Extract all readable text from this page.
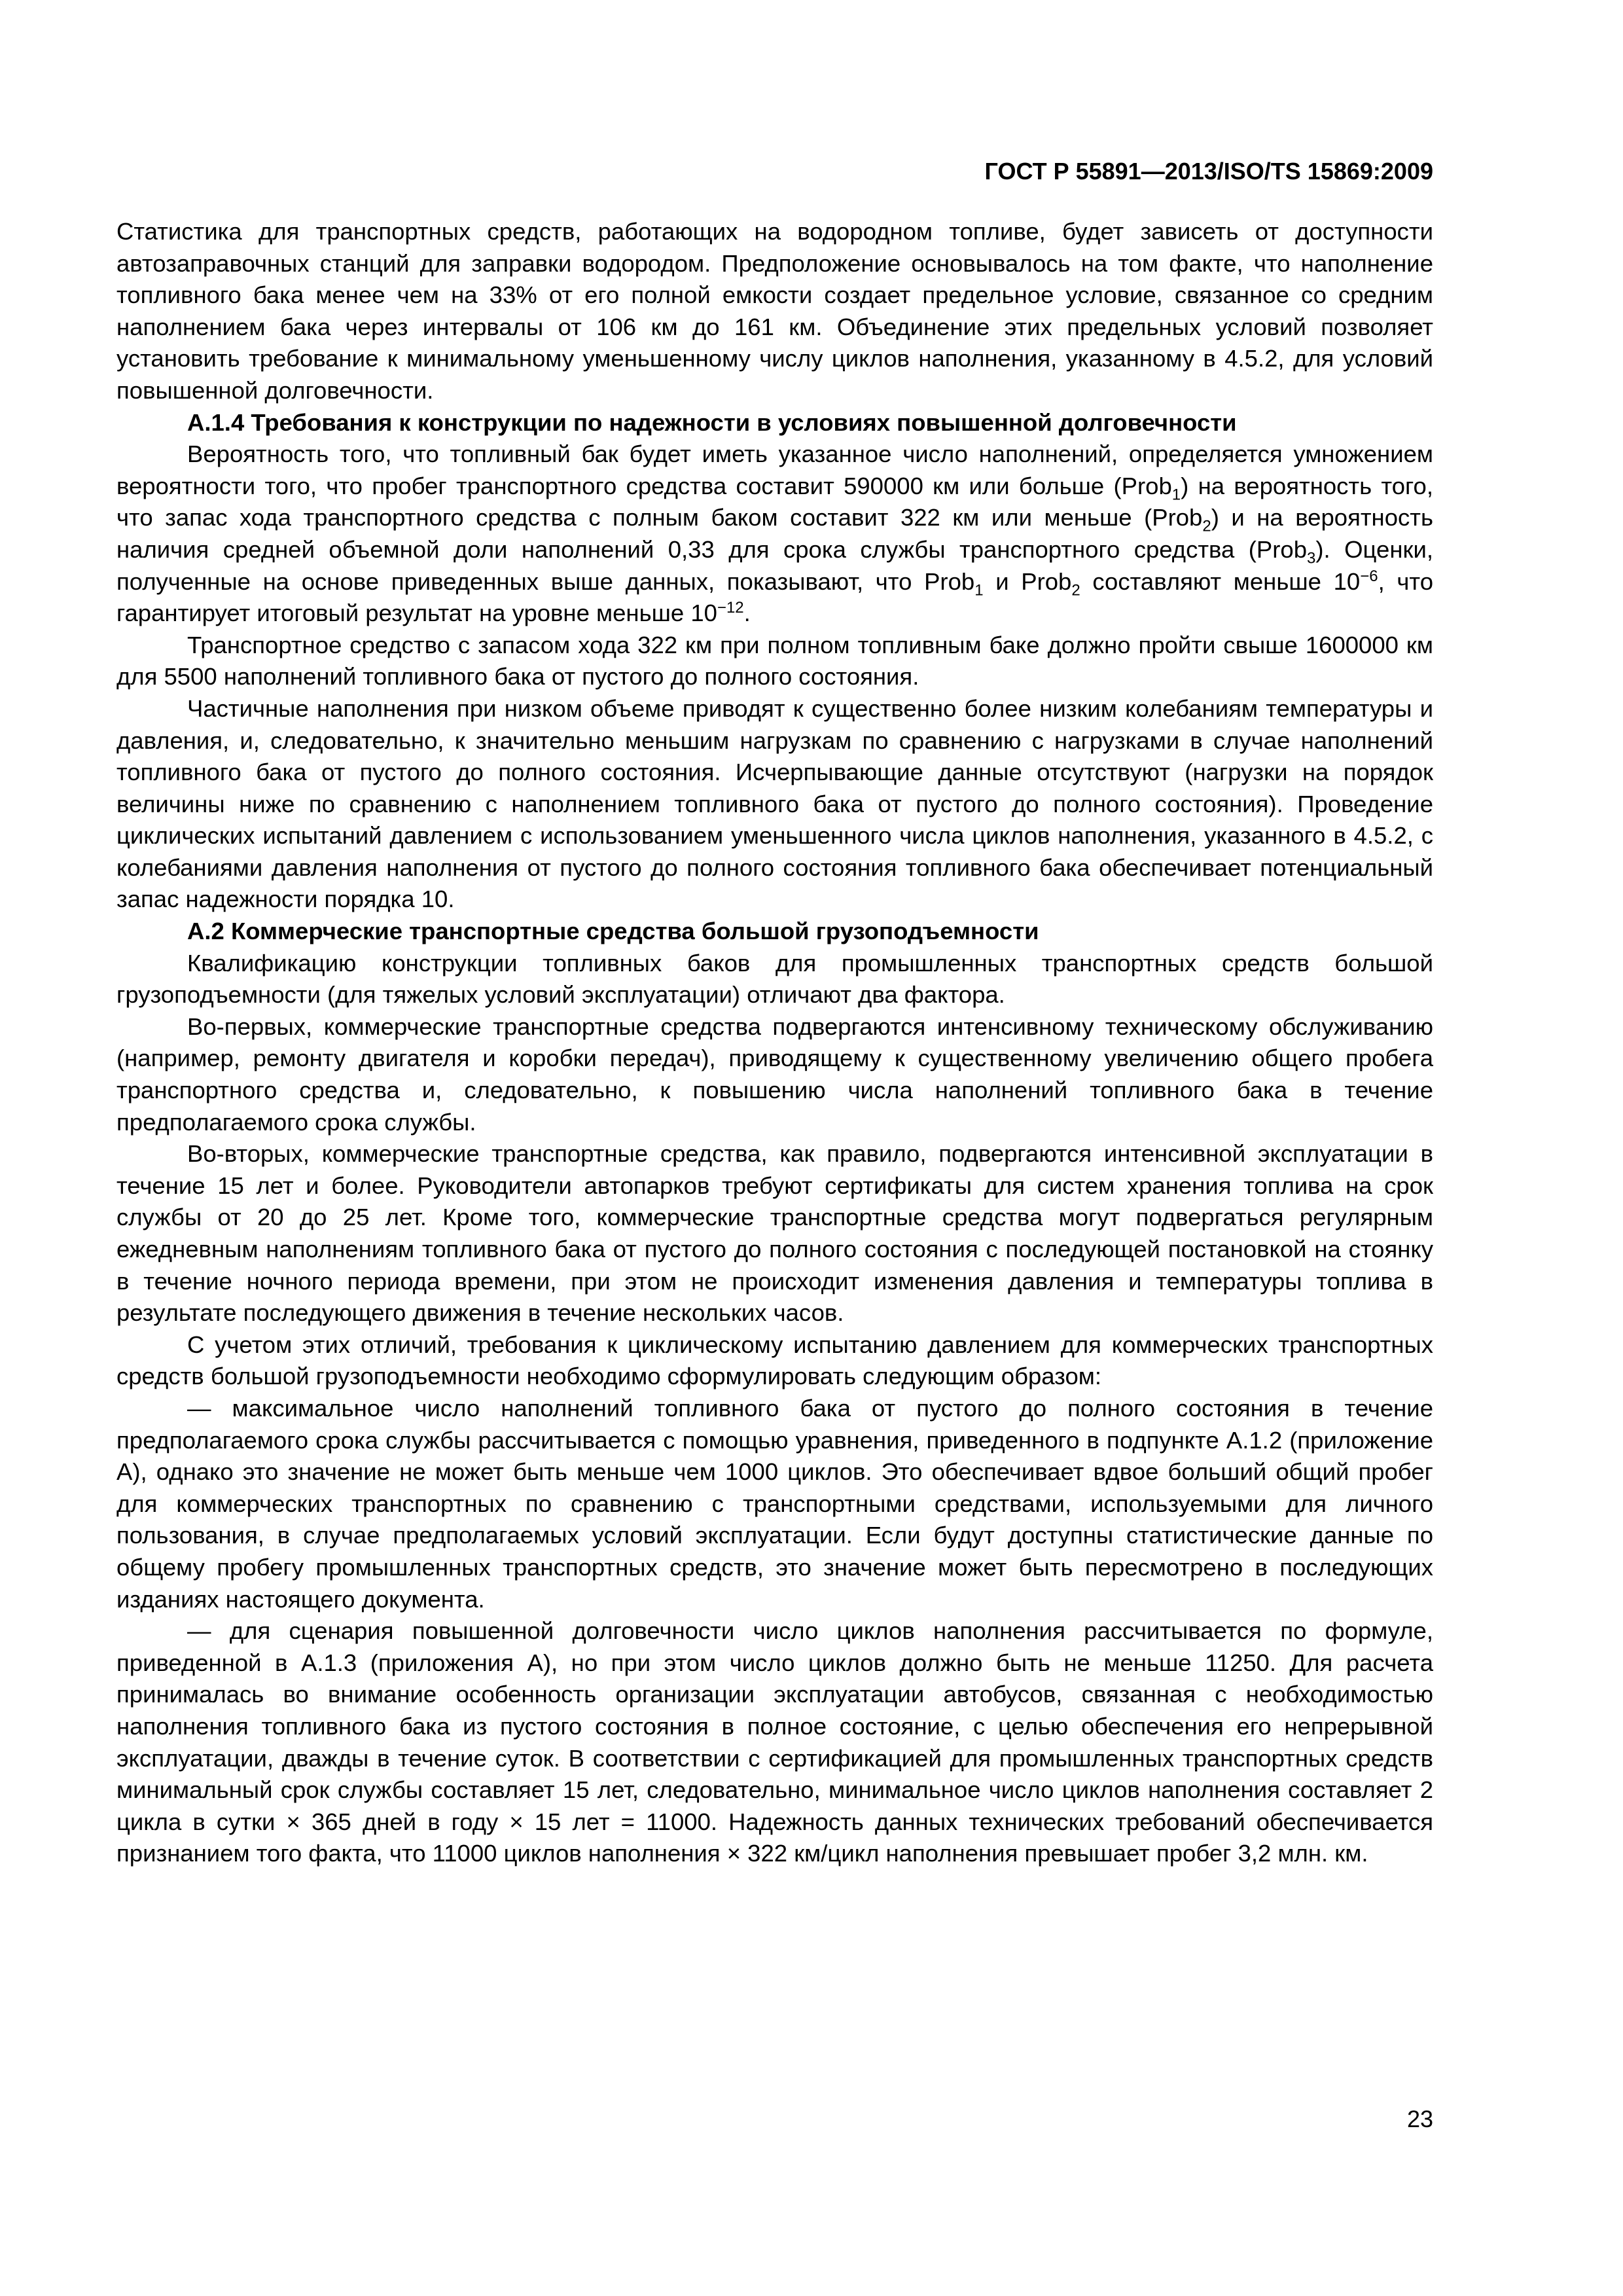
ГОСТ Р 55891—2013/ISO/TS 15869:2009

Статистика для транспортных средств, работающих на водородном топливе, будет зависеть от доступности автозаправочных станций для заправки водородом. Предположение основывалось на том факте, что наполнение топливного бака менее чем на 33% от его полной емкости создает предельное условие, связанное со средним наполнением бака через интервалы от 106 км до 161 км. Объединение этих предельных условий позволяет установить требование к минимальному уменьшенному числу циклов наполнения, указанному в 4.5.2, для условий повышенной долговечности.

А.1.4 Требования к конструкции по надежности в условиях повышенной долговечности

Вероятность того, что топливный бак будет иметь указанное число наполнений, определяется умножением вероятности того, что пробег транспортного средства составит 590000 км или больше (Prob$_1$) на вероятность того, что запас хода транспортного средства с полным баком составит 322 км или меньше (Prob$_2$) и на вероятность наличия средней объемной доли наполнений 0,33 для срока службы транспортного средства (Prob$_3$). Оценки, полученные на основе приведенных выше данных, показывают, что Prob$_1$ и Prob$_2$ составляют меньше $10^{-6}$, что гарантирует итоговый результат на уровне меньше $10^{-12}$.

Транспортное средство с запасом хода 322 км при полном топливным баке должно пройти свыше 1600000 км для 5500 наполнений топливного бака от пустого до полного состояния.

Частичные наполнения при низком объеме приводят к существенно более низким колебаниям температуры и давления, и, следовательно, к значительно меньшим нагрузкам по сравнению с нагрузками в случае наполнений топливного бака от пустого до полного состояния. Исчерпывающие данные отсутствуют (нагрузки на порядок величины ниже по сравнению с наполнением топливного бака от пустого до полного состояния). Проведение циклических испытаний давлением с использованием уменьшенного числа циклов наполнения, указанного в 4.5.2, с колебаниями давления наполнения от пустого до полного состояния топливного бака обеспечивает потенциальный запас надежности порядка 10.

А.2 Коммерческие транспортные средства большой грузоподъемности

Квалификацию конструкции топливных баков для промышленных транспортных средств большой грузоподъемности (для тяжелых условий эксплуатации) отличают два фактора.

Во-первых, коммерческие транспортные средства подвергаются интенсивному техническому обслуживанию (например, ремонту двигателя и коробки передач), приводящему к существенному увеличению общего пробега транспортного средства и, следовательно, к повышению числа наполнений топливного бака в течение предполагаемого срока службы.

Во-вторых, коммерческие транспортные средства, как правило, подвергаются интенсивной эксплуатации в течение 15 лет и более. Руководители автопарков требуют сертификаты для систем хранения топлива на срок службы от 20 до 25 лет. Кроме того, коммерческие транспортные средства могут подвергаться регулярным ежедневным наполнениям топливного бака от пустого до полного состояния с последующей постановкой на стоянку в течение ночного периода времени, при этом не происходит изменения давления и температуры топлива в результате последующего движения в течение нескольких часов.

С учетом этих отличий, требования к циклическому испытанию давлением для коммерческих транспортных средств большой грузоподъемности необходимо сформулировать следующим образом:

— максимальное число наполнений топливного бака от пустого до полного состояния в течение предполагаемого срока службы рассчитывается с помощью уравнения, приведенного в подпункте А.1.2 (приложение А), однако это значение не может быть меньше чем 1000 циклов. Это обеспечивает вдвое больший общий пробег для коммерческих транспортных по сравнению с транспортными средствами, используемыми для личного пользования, в случае предполагаемых условий эксплуатации. Если будут доступны статистические данные по общему пробегу промышленных транспортных средств, это значение может быть пересмотрено в последующих изданиях настоящего документа.

— для сценария повышенной долговечности число циклов наполнения рассчитывается по формуле, приведенной в А.1.3 (приложения А), но при этом число циклов должно быть не меньше 11250. Для расчета принималась во внимание особенность организации эксплуатации автобусов, связанная с необходимостью наполнения топливного бака из пустого состояния в полное состояние, с целью обеспечения его непрерывной эксплуатации, дважды в течение суток. В соответствии с сертификацией для промышленных транспортных средств минимальный срок службы составляет 15 лет, следовательно, минимальное число циклов наполнения составляет 2 цикла в сутки × 365 дней в году × 15 лет = 11000. Надежность данных технических требований обеспечивается признанием того факта, что 11000 циклов наполнения × 322 км/цикл наполнения превышает пробег 3,2 млн. км.

23
